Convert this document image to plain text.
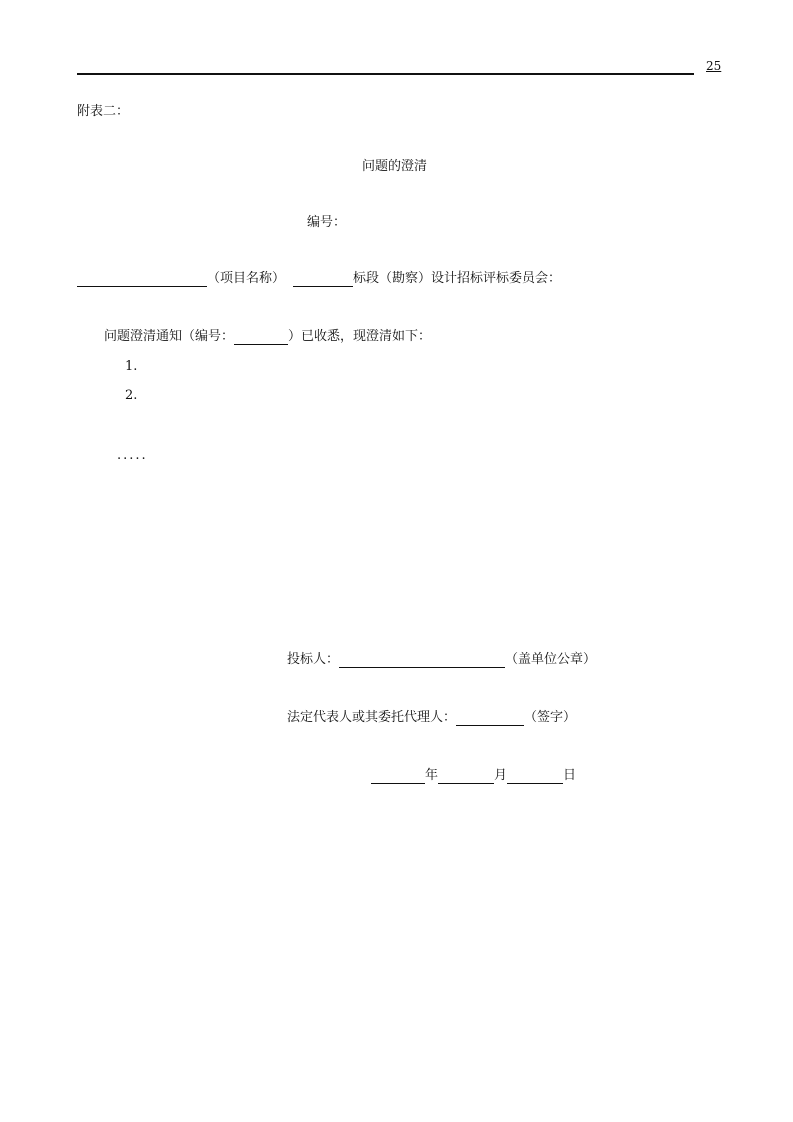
25
附表二：
问题的澄清
编号：
（项目名称）	标段（勘察）设计招标评标委员会：
问题澄清通知（编号：	）已收悉，现澄清如下：
1.
2.
.....
投标人：	（盖单位公章）
法定代表人或其委托代理人：	（签字）
年	月	日
